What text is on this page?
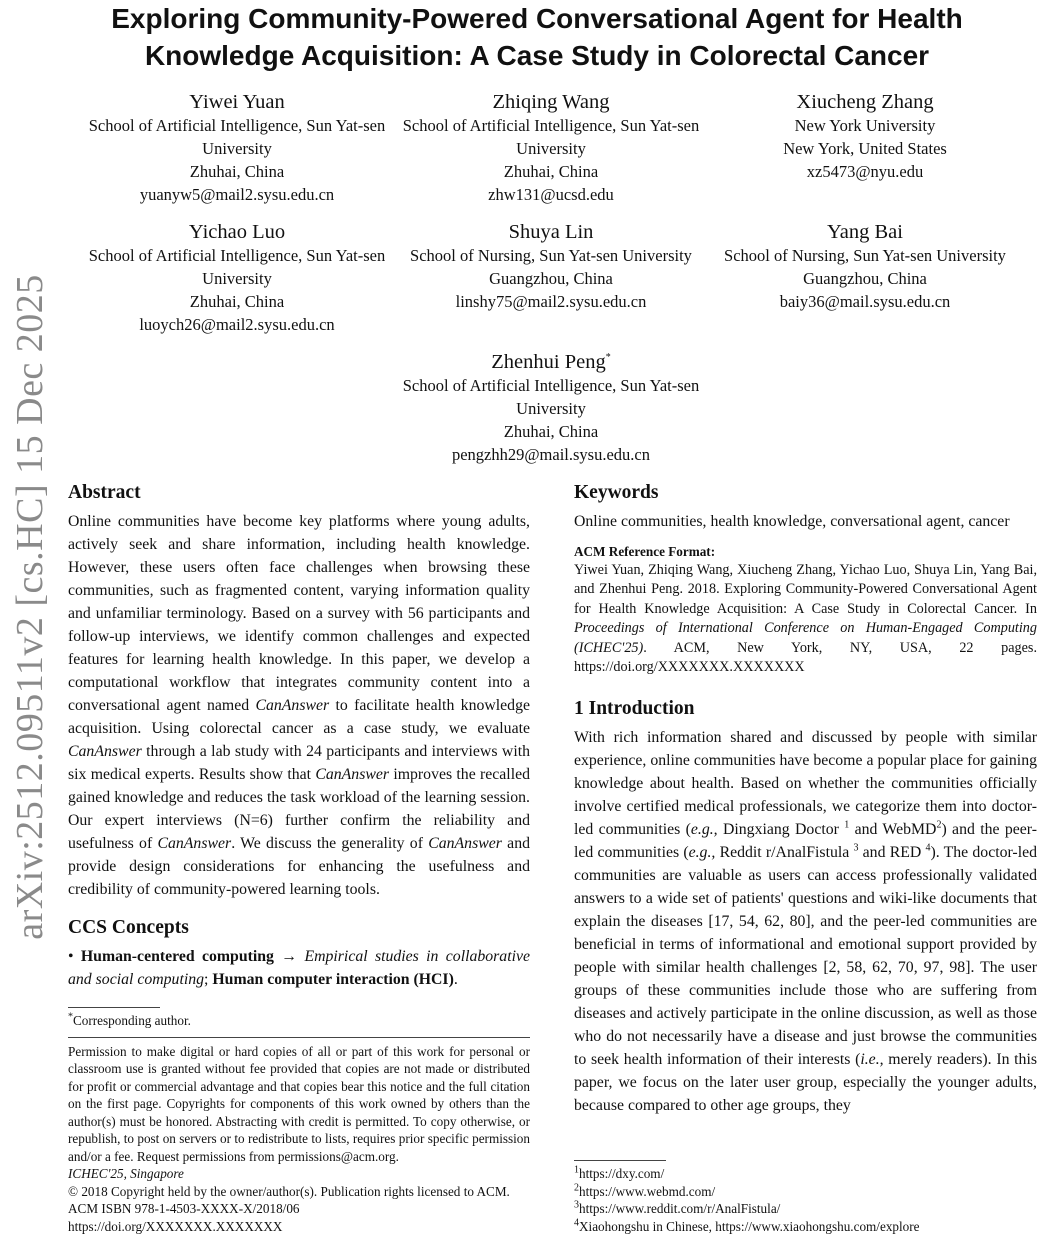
arXiv:2512.09511v2 [cs.HC] 15 Dec 2025
Exploring Community-Powered Conversational Agent for Health Knowledge Acquisition: A Case Study in Colorectal Cancer
Yiwei Yuan
School of Artificial Intelligence, Sun Yat-sen University
Zhuhai, China
yuanyw5@mail2.sysu.edu.cn
Zhiqing Wang
School of Artificial Intelligence, Sun Yat-sen University
Zhuhai, China
zhw131@ucsd.edu
Xiucheng Zhang
New York University
New York, United States
xz5473@nyu.edu
Yichao Luo
School of Artificial Intelligence, Sun Yat-sen University
Zhuhai, China
luoych26@mail2.sysu.edu.cn
Shuya Lin
School of Nursing, Sun Yat-sen University
Guangzhou, China
linshy75@mail2.sysu.edu.cn
Yang Bai
School of Nursing, Sun Yat-sen University
Guangzhou, China
baiy36@mail.sysu.edu.cn
Zhenhui Peng*
School of Artificial Intelligence, Sun Yat-sen University
Zhuhai, China
pengzhh29@mail.sysu.edu.cn
Abstract

Online communities have become key platforms where young adults, actively seek and share information, including health knowledge. However, these users often face challenges when browsing these communities, such as fragmented content, varying information quality and unfamiliar terminology. Based on a survey with 56 participants and follow-up interviews, we identify common challenges and expected features for learning health knowledge. In this paper, we develop a computational workflow that integrates community content into a conversational agent named CanAnswer to facilitate health knowledge acquisition. Using colorectal cancer as a case study, we evaluate CanAnswer through a lab study with 24 participants and interviews with six medical experts. Results show that CanAnswer improves the recalled gained knowledge and reduces the task workload of the learning session. Our expert interviews (N=6) further confirm the reliability and usefulness of CanAnswer. We discuss the generality of CanAnswer and provide design considerations for enhancing the usefulness and credibility of community-powered learning tools.

CCS Concepts

• Human-centered computing → Empirical studies in collaborative and social computing; Human computer interaction (HCI).

*Corresponding author.
Permission to make digital or hard copies of all or part of this work for personal or classroom use is granted without fee provided that copies are not made or distributed for profit or commercial advantage and that copies bear this notice and the full citation on the first page. Copyrights for components of this work owned by others than the author(s) must be honored. Abstracting with credit is permitted. To copy otherwise, or republish, to post on servers or to redistribute to lists, requires prior specific permission and/or a fee. Request permissions from permissions@acm.org.
ICHEC'25, Singapore
© 2018 Copyright held by the owner/author(s). Publication rights licensed to ACM.
ACM ISBN 978-1-4503-XXXX-X/2018/06
https://doi.org/XXXXXXX.XXXXXXX
Keywords

Online communities, health knowledge, conversational agent, cancer

ACM Reference Format:

Yiwei Yuan, Zhiqing Wang, Xiucheng Zhang, Yichao Luo, Shuya Lin, Yang Bai, and Zhenhui Peng. 2018. Exploring Community-Powered Conversational Agent for Health Knowledge Acquisition: A Case Study in Colorectal Cancer. In Proceedings of International Conference on Human-Engaged Computing (ICHEC'25). ACM, New York, NY, USA, 22 pages. https://doi.org/XXXXXXX.XXXXXXX

1 Introduction

With rich information shared and discussed by people with similar experience, online communities have become a popular place for gaining knowledge about health. Based on whether the communities officially involve certified medical professionals, we categorize them into doctor-led communities (e.g., Dingxiang Doctor $^1$ and WebMD$^2$) and the peer-led communities (e.g., Reddit r/AnalFistula $^3$ and RED $^4$). The doctor-led communities are valuable as users can access professionally validated answers to a wide set of patients' questions and wiki-like documents that explain the diseases [17, 54, 62, 80], and the peer-led communities are beneficial in terms of informational and emotional support provided by people with similar health challenges [2, 58, 62, 70, 97, 98]. The user groups of these communities include those who are suffering from diseases and actively participate in the online discussion, as well as those who do not necessarily have a disease and just browse the communities to seek health information of their interests (i.e., merely readers). In this paper, we focus on the later user group, especially the younger adults, because compared to other age groups, they

$^1$https://dxy.com/
$^2$https://www.webmd.com/
$^3$https://www.reddit.com/r/AnalFistula/
$^4$Xiaohongshu in Chinese, https://www.xiaohongshu.com/explore
